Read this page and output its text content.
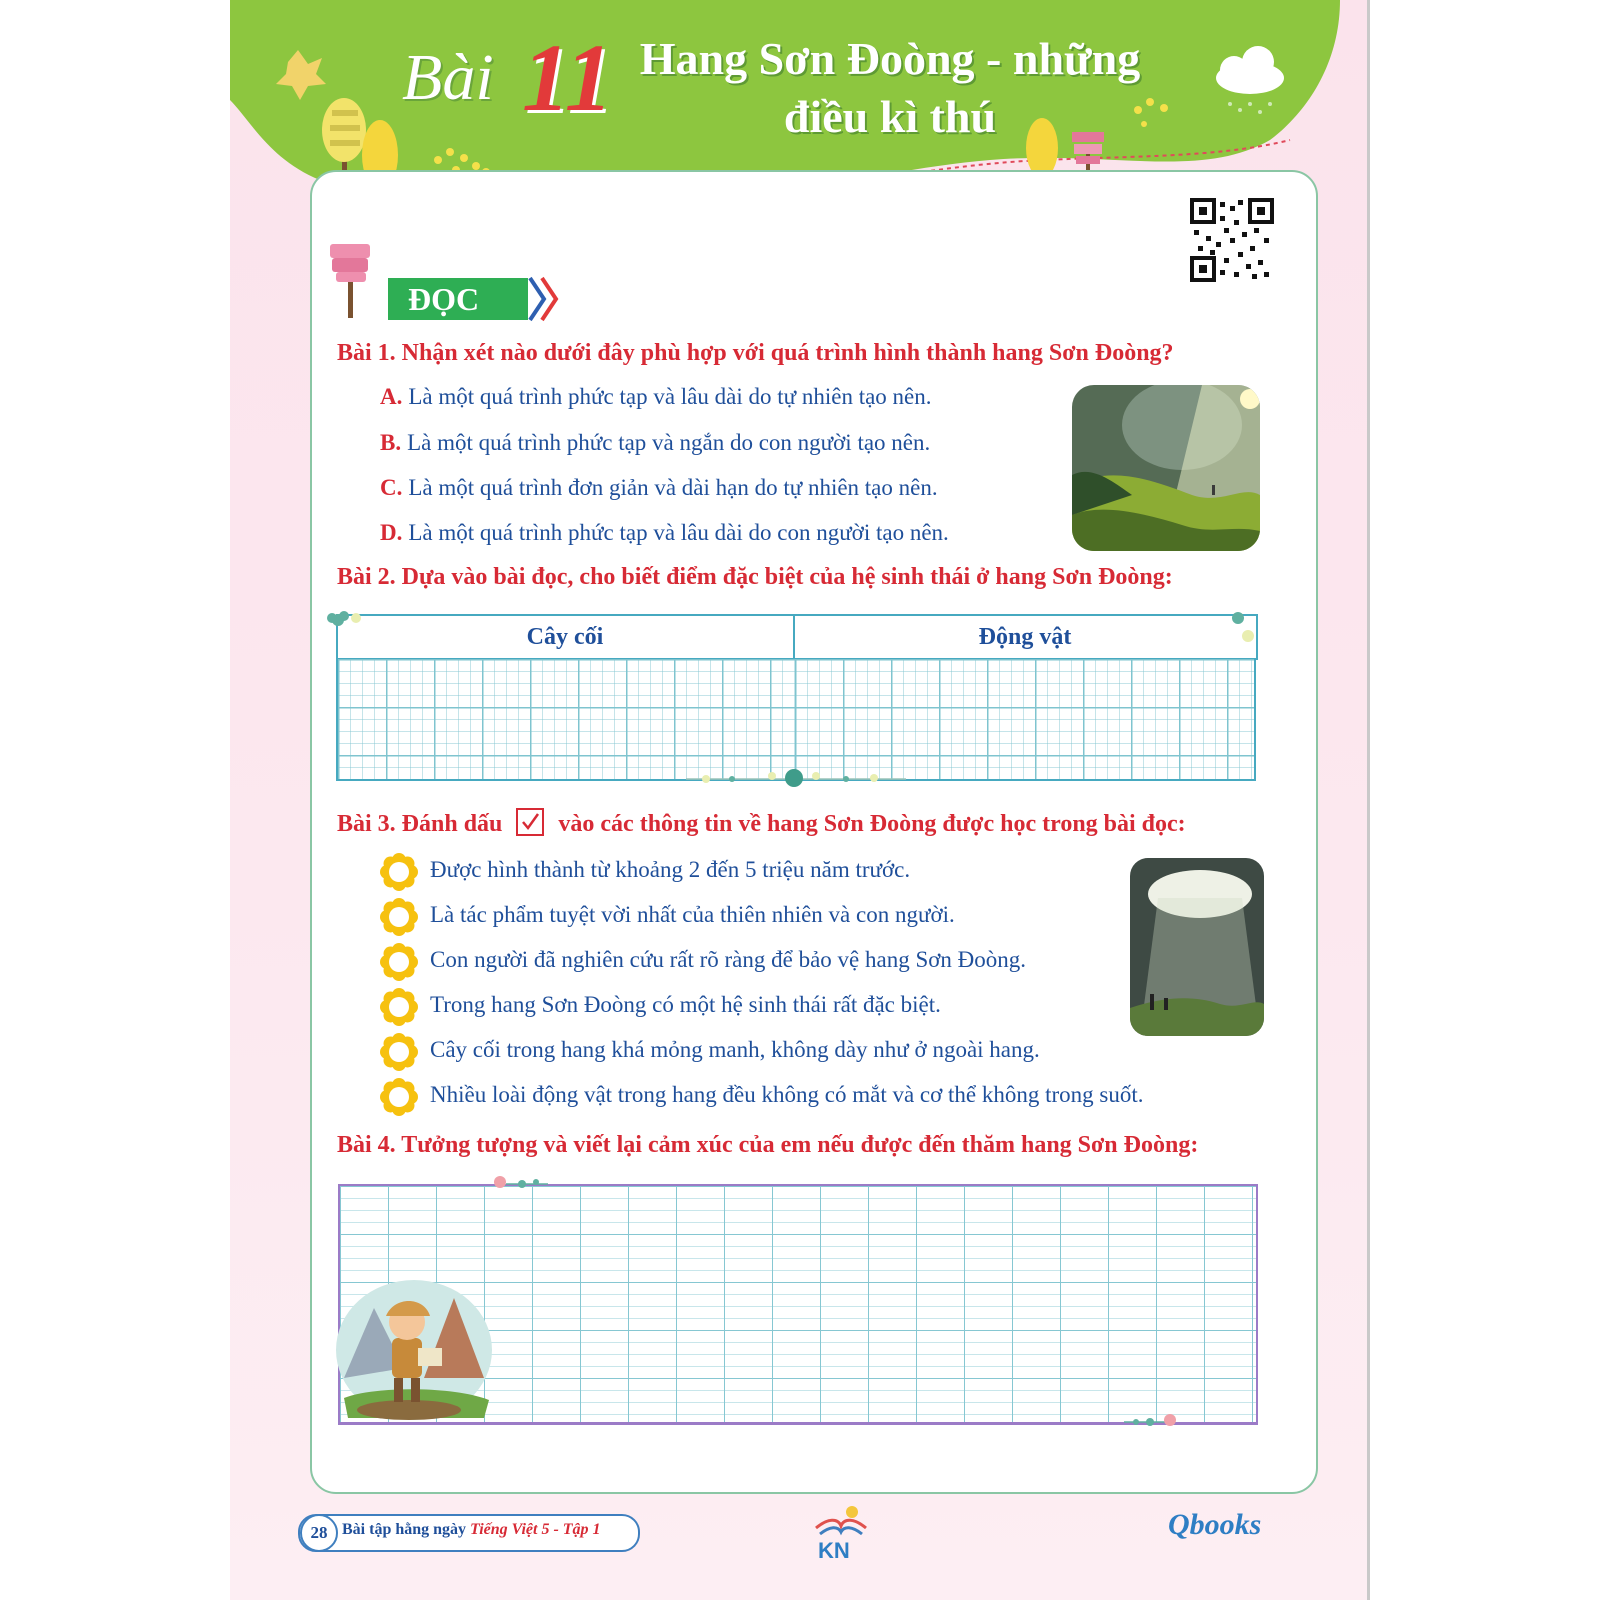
Bài 11 Hang Sơn Đoòng - những
điều kì thú
ĐỌC
Bài 1. Nhận xét nào dưới đây phù hợp với quá trình hình thành hang Sơn Đoòng?
A. Là một quá trình phức tạp và lâu dài do tự nhiên tạo nên.
B. Là một quá trình phức tạp và ngắn do con người tạo nên.
C. Là một quá trình đơn giản và dài hạn do tự nhiên tạo nên.
D. Là một quá trình phức tạp và lâu dài do con người tạo nên.
Bài 2. Dựa vào bài đọc, cho biết điểm đặc biệt của hệ sinh thái ở hang Sơn Đoòng:
Cây cối	Động vật
Bài 3. Đánh dấu vào các thông tin về hang Sơn Đoòng được học trong bài đọc:
Được hình thành từ khoảng 2 đến 5 triệu năm trước.
Là tác phẩm tuyệt vời nhất của thiên nhiên và con người.
Con người đã nghiên cứu rất rõ ràng để bảo vệ hang Sơn Đoòng.
Trong hang Sơn Đoòng có một hệ sinh thái rất đặc biệt.
Cây cối trong hang khá mỏng manh, không dày như ở ngoài hang.
Nhiều loài động vật trong hang đều không có mắt và cơ thể không trong suốt.
Bài 4. Tưởng tượng và viết lại cảm xúc của em nếu được đến thăm hang Sơn Đoòng:
28 Bài tập hằng ngày Tiếng Việt 5 - Tập 1
KN
Qbooks
